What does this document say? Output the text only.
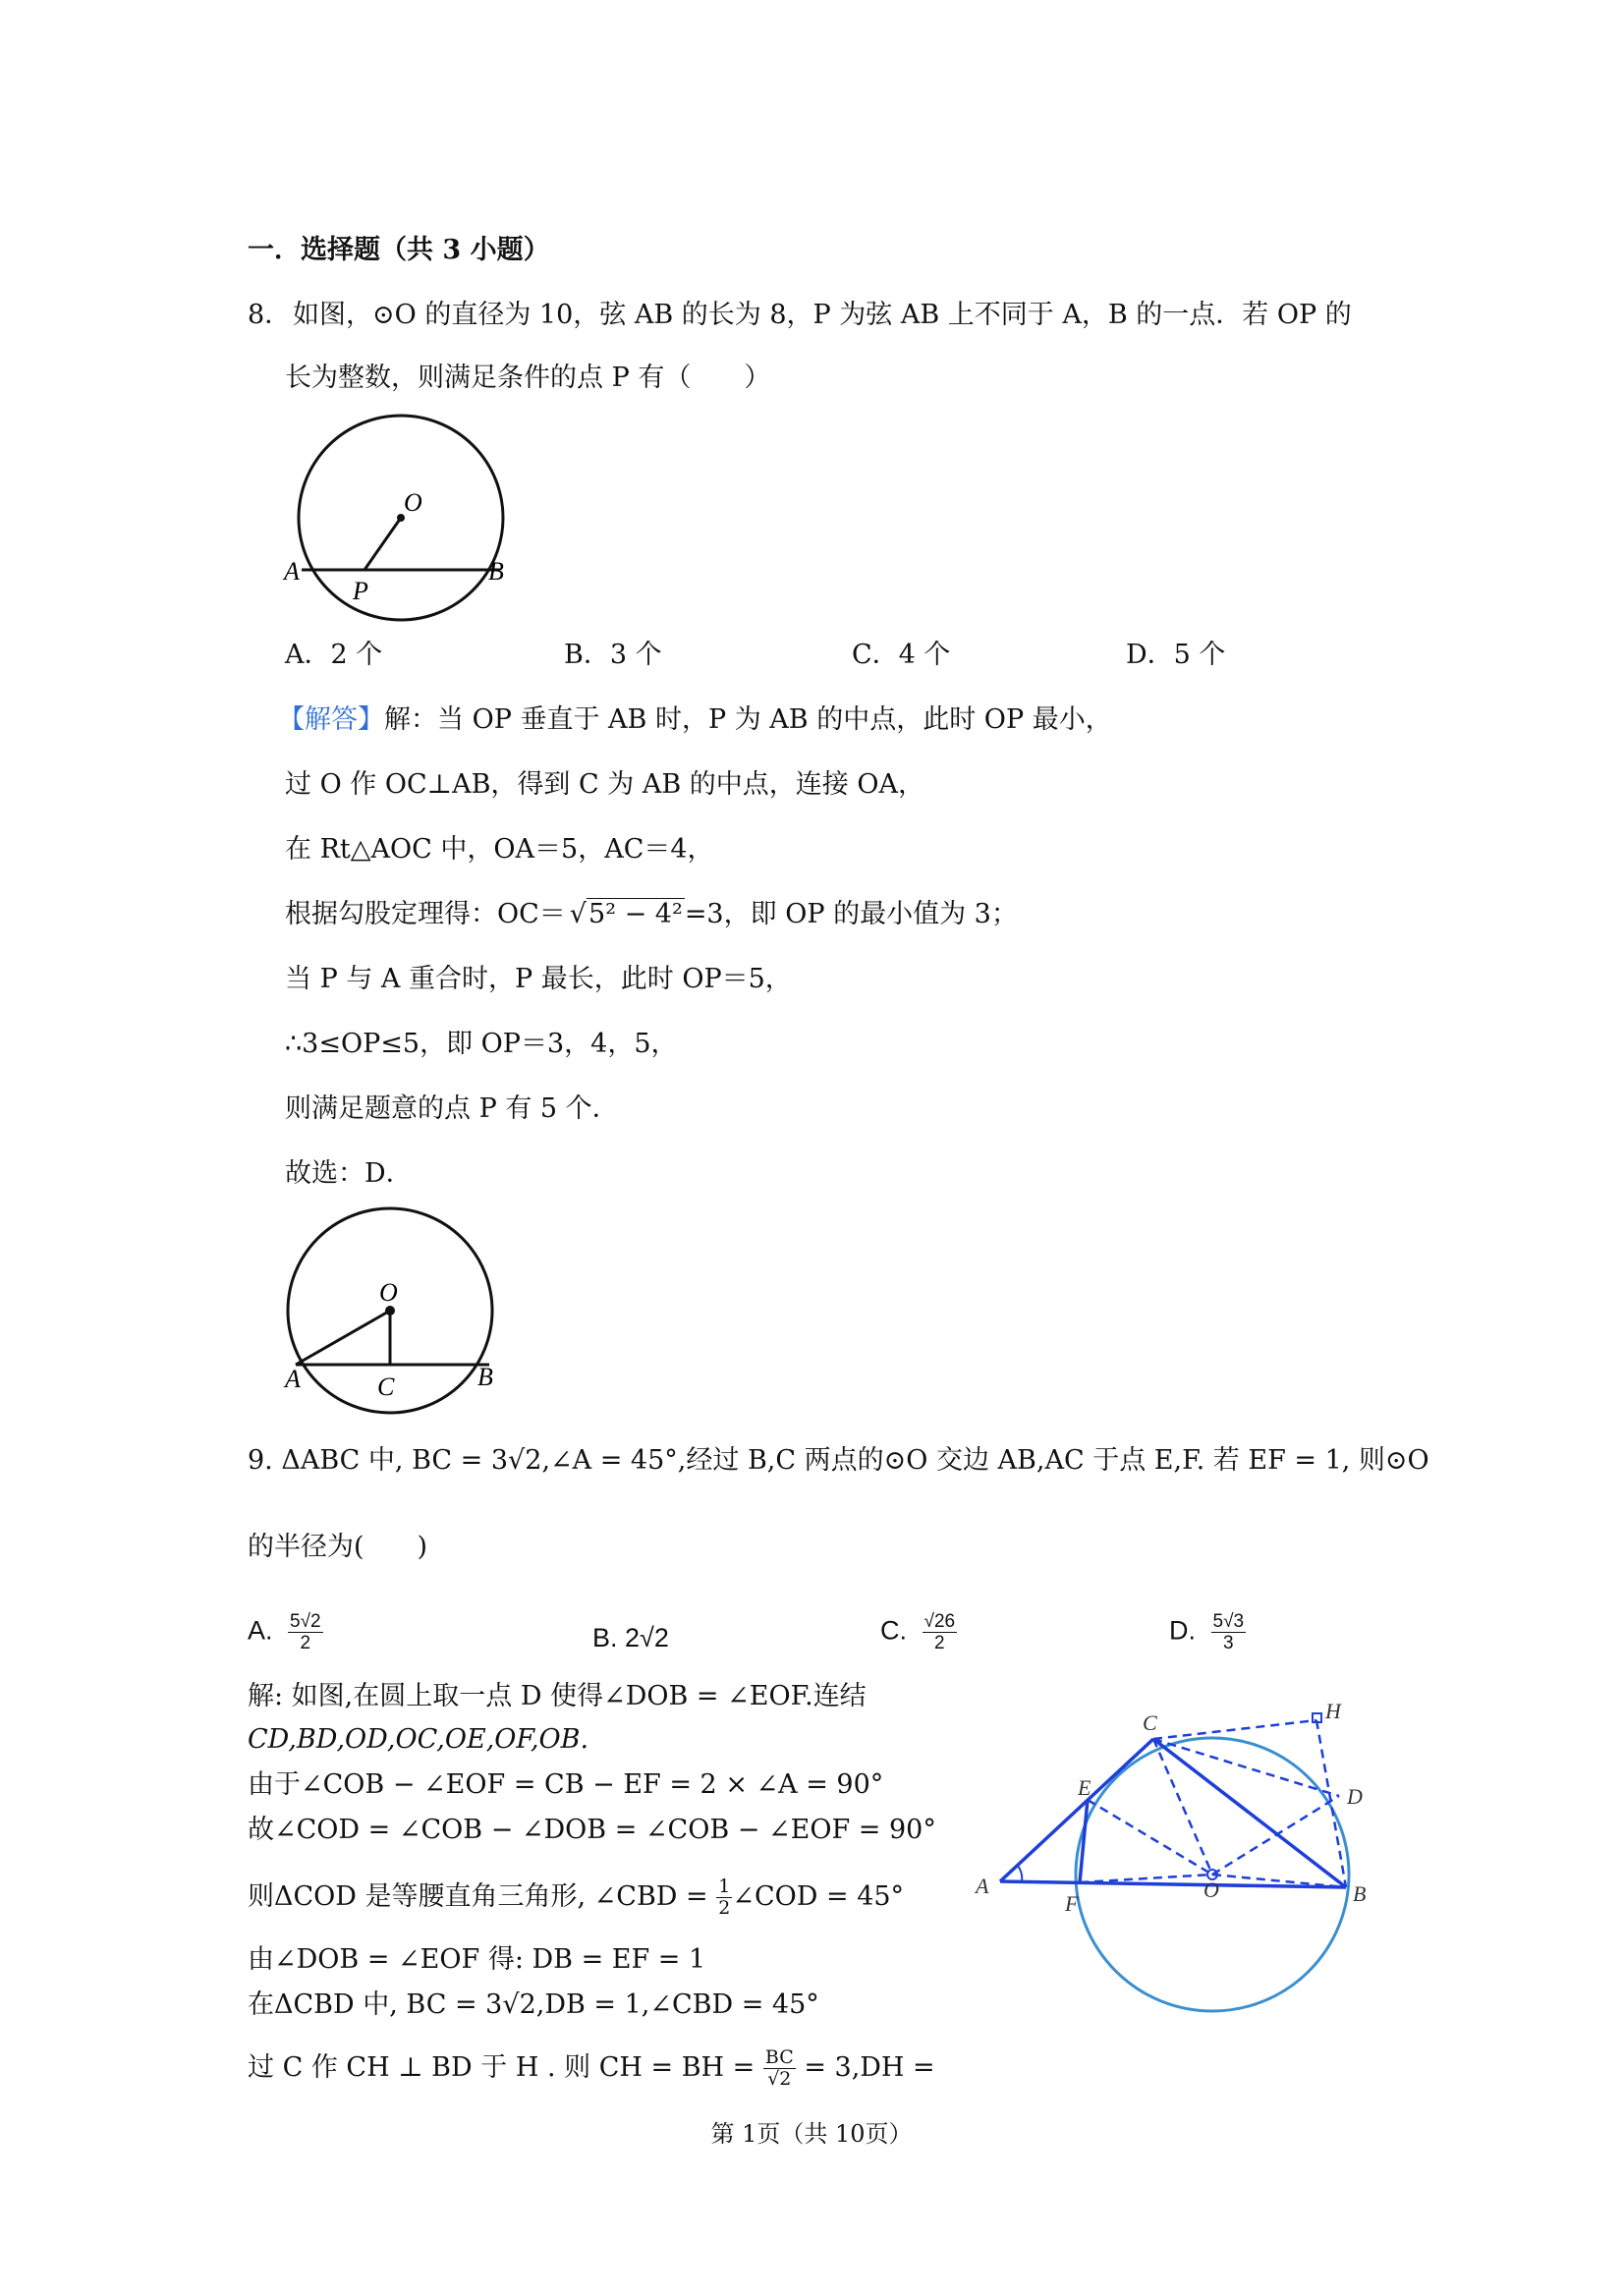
一．选择题（共 3 小题）
8． 如图，⊙O 的直径为 10，弦 AB 的长为 8，P 为弦 AB 上不同于 A，B 的一点．若 OP 的
长为整数，则满足条件的点 P 有（　　）
O
A	B
P
A．2 个	B．3 个	C．4 个	D．5 个
【解答】解：当 OP 垂直于 AB 时，P 为 AB 的中点，此时 OP 最小，
过 O 作 OC⊥AB，得到 C 为 AB 的中点，连接 OA，
在 Rt△AOC 中，OA＝5，AC＝4，
根据勾股定理得：OC＝ √5² − 4²=3，即 OP 的最小值为 3；
当 P 与 A 重合时，P 最长，此时 OP＝5，
∴3≤OP≤5，即 OP＝3，4，5，
则满足题意的点 P 有 5 个．
故选：D．
O
A	B
C
9. ΔABC 中, BC = 3√2,∠A = 45°,经过 B,C 两点的⊙O 交边 AB,AC 于点 E,F. 若 EF = 1, 则⊙O
的半径为(　　)
A. $\frac{5√2}{2}$	B. 2√2	C. $\frac{√26}{2}$	D. $\frac{5√3}{3}$
解: 如图,在圆上取一点 D 使得∠DOB = ∠EOF.连结
CD,BD,OD,OC,OE,OF,OB.
由于∠COB − ∠EOF = CB − EF = 2 × ∠A = 90°
故∠COD = ∠COB − ∠DOB = ∠COB − ∠EOF = 90°
则ΔCOD 是等腰直角三角形, ∠CBD = $\frac{1}{2}$ ∠COD = 45°
由∠DOB = ∠EOF 得: DB = EF = 1
在ΔCBD 中, BC = 3√2,DB = 1,∠CBD = 45°
过 C 作 CH ⊥ BD 于 H . 则 CH = BH = $\frac{BC}{√2} = 3,DH$ =
A	B
C
D
E
F
O
H
第 1页（共 10页）
